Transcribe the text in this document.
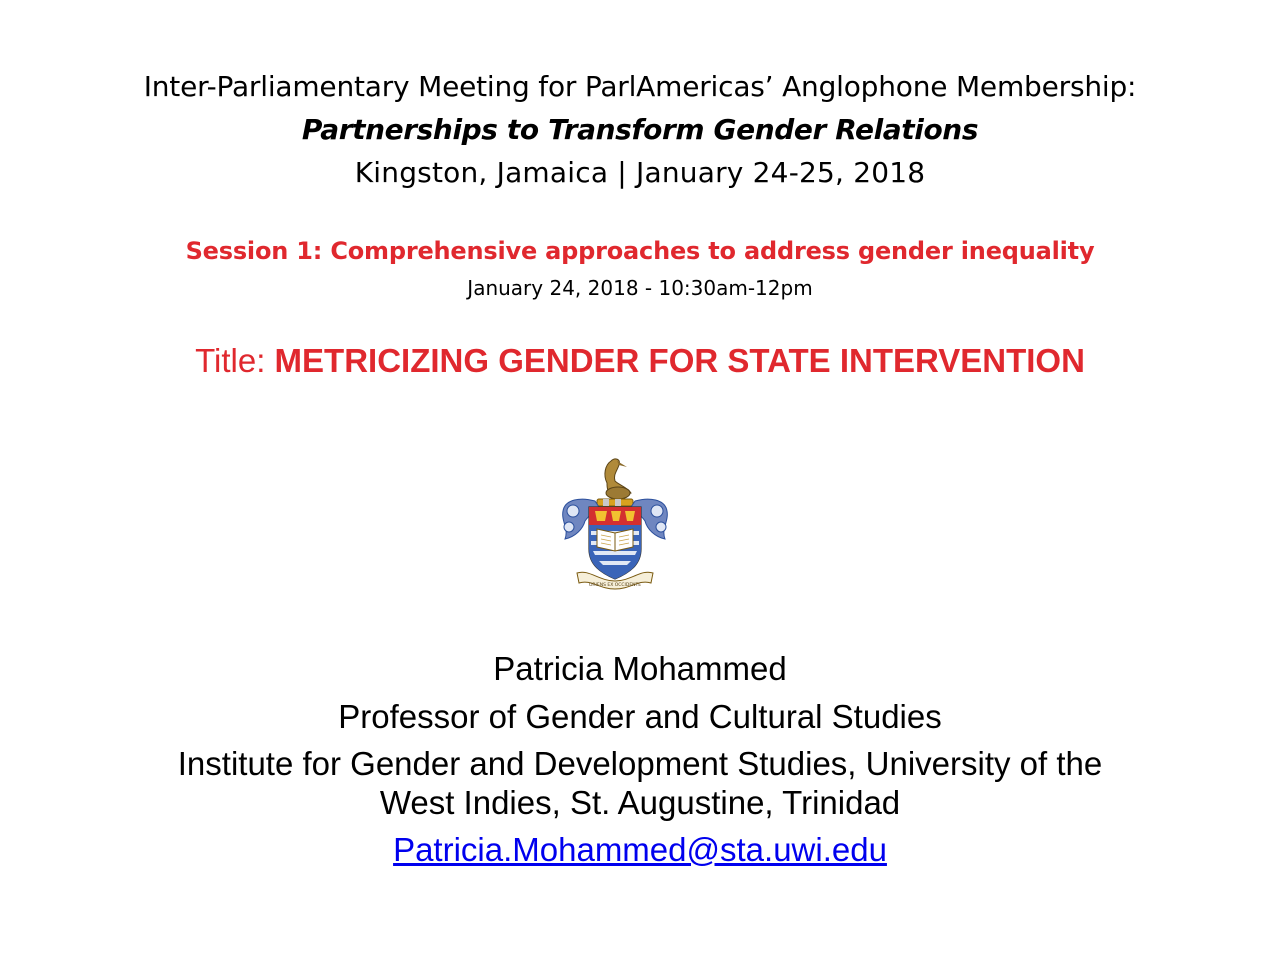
Inter-Parliamentary Meeting for ParlAmericas’ Anglophone Membership:
Partnerships to Transform Gender Relations
Kingston, Jamaica | January 24-25, 2018
Session 1: Comprehensive approaches to address gender inequality
January 24, 2018 - 10:30am-12pm
Title: METRICIZING GENDER FOR STATE INTERVENTION
ORIENS EX OCCIDENTE
Patricia Mohammed
Professor of Gender and Cultural Studies
Institute for Gender and Development Studies, University of the
West Indies, St. Augustine, Trinidad
Patricia.Mohammed@sta.uwi.edu
